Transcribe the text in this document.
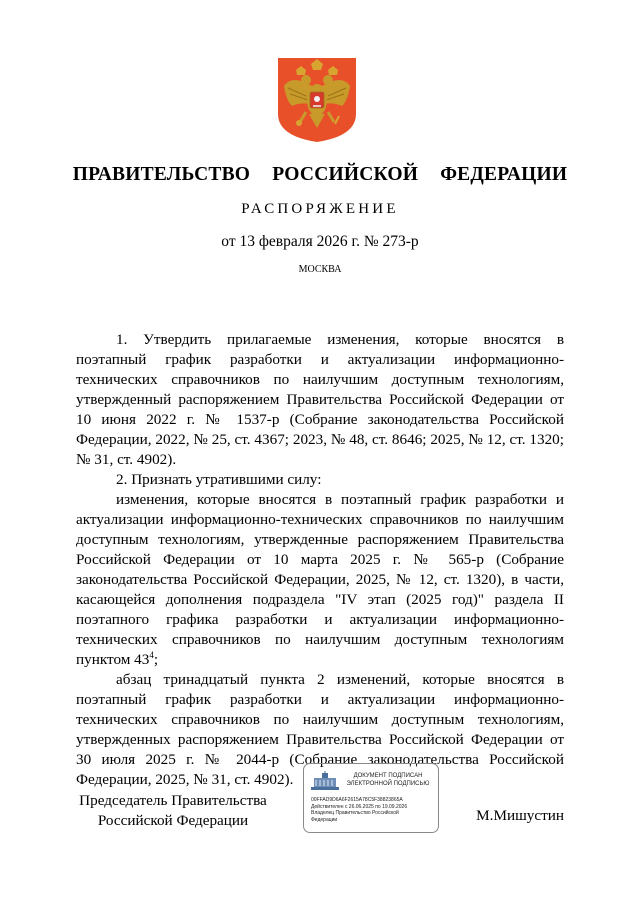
ПРАВИТЕЛЬСТВО  РОССИЙСКОЙ  ФЕДЕРАЦИИ
РАСПОРЯЖЕНИЕ
от 13 февраля 2026 г. № 273-р
МОСКВА

1. Утвердить прилагаемые изменения, которые вносятся в поэтапный график разработки и актуализации информационно-технических справочников по наилучшим доступным технологиям, утвержденный распоряжением Правительства Российской Федерации от 10 июня 2022 г. № 1537-р (Собрание законодательства Российской Федерации, 2022, № 25, ст. 4367; 2023, № 48, ст. 8646; 2025, № 12, ст. 1320; № 31, ст. 4902).

2. Признать утратившими силу:

изменения, которые вносятся в поэтапный график разработки и актуализации информационно-технических справочников по наилучшим доступным технологиям, утвержденные распоряжением Правительства Российской Федерации от 10 марта 2025 г. № 565-р (Собрание законодательства Российской Федерации, 2025, № 12, ст. 1320), в части, касающейся дополнения подраздела "IV этап (2025 год)" раздела II поэтапного графика разработки и актуализации информационно-технических справочников по наилучшим доступным технологиям пунктом $43^4$;

абзац тринадцатый пункта 2 изменений, которые вносятся в поэтапный график разработки и актуализации информационно-технических справочников по наилучшим доступным технологиям, утвержденных распоряжением Правительства Российской Федерации от 30 июля 2025 г. № 2044-р (Собрание законодательства Российской Федерации, 2025, № 31, ст. 4902).

Председатель Правительства
Российской Федерации
ДОКУМЕНТ ПОДПИСАН
ЭЛЕКТРОННОЙ ПОДПИСЬЮ
00FFAD9D6A6F2615A78C5F38823865A
Действителен с 26.06.2025 по 19.09.2026
Владелец Правительство Российской
Федерации	М.Мишустин
